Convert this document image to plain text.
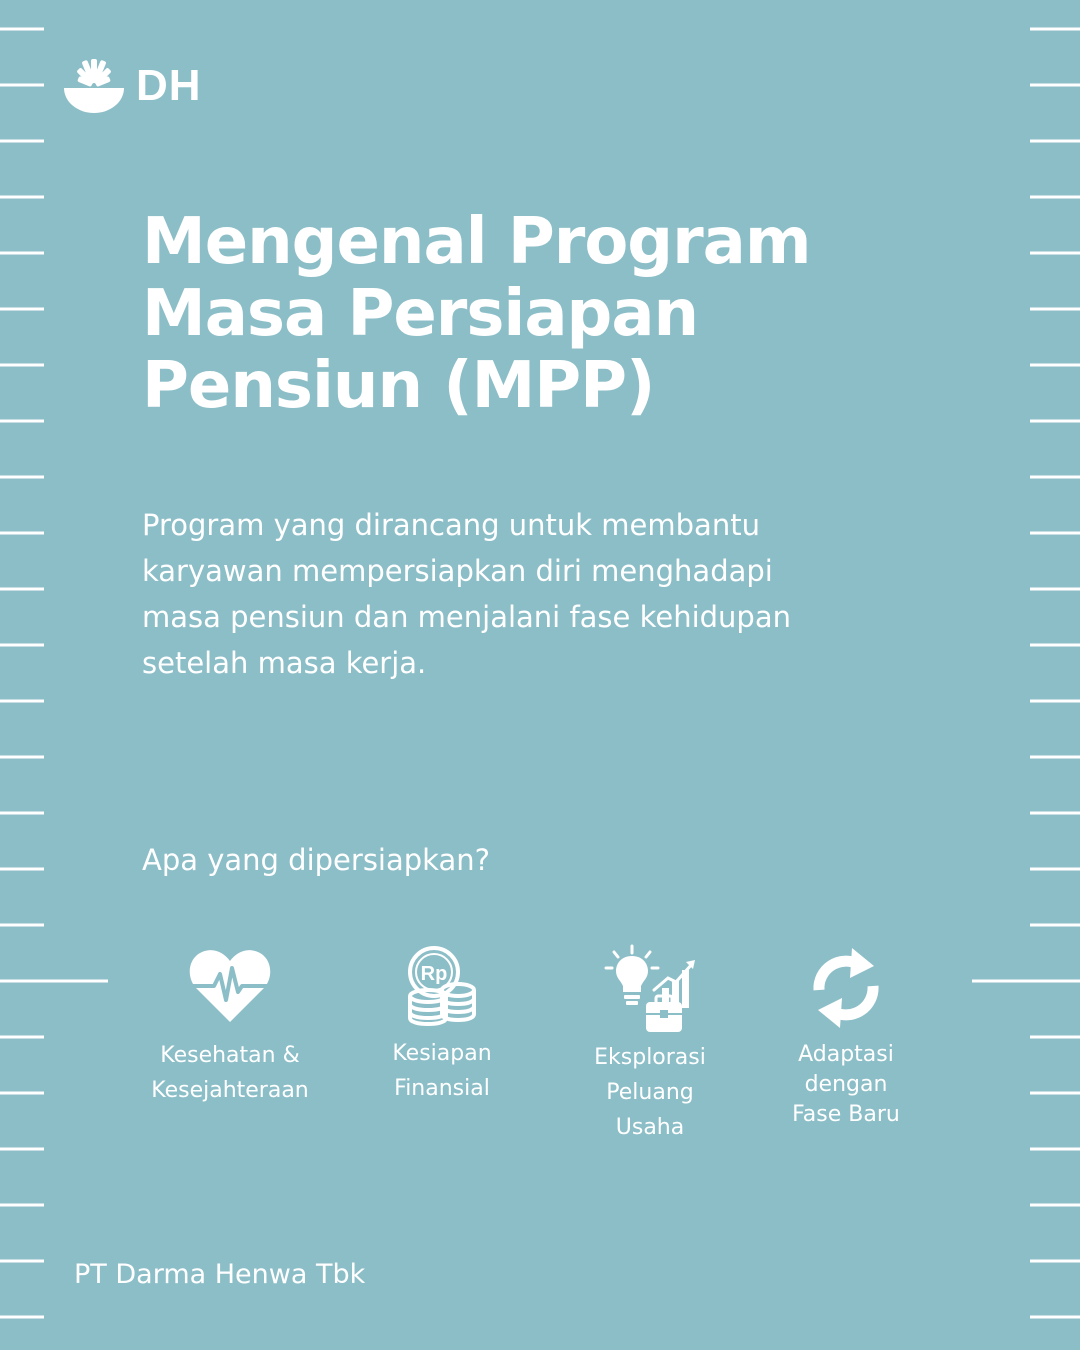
DH
Mengenal Program
Masa Persiapan
Pensiun (MPP)

Program yang dirancang untuk membantu
karyawan mempersiapkan diri menghadapi
masa pensiun dan menjalani fase kehidupan
setelah masa kerja.

Apa yang dipersiapkan?

Kesehatan &
Kesejahteraan
Rp
Kesiapan
Finansial
Eksplorasi
Peluang
Usaha
Adaptasi
dengan
Fase Baru

PT Darma Henwa Tbk
